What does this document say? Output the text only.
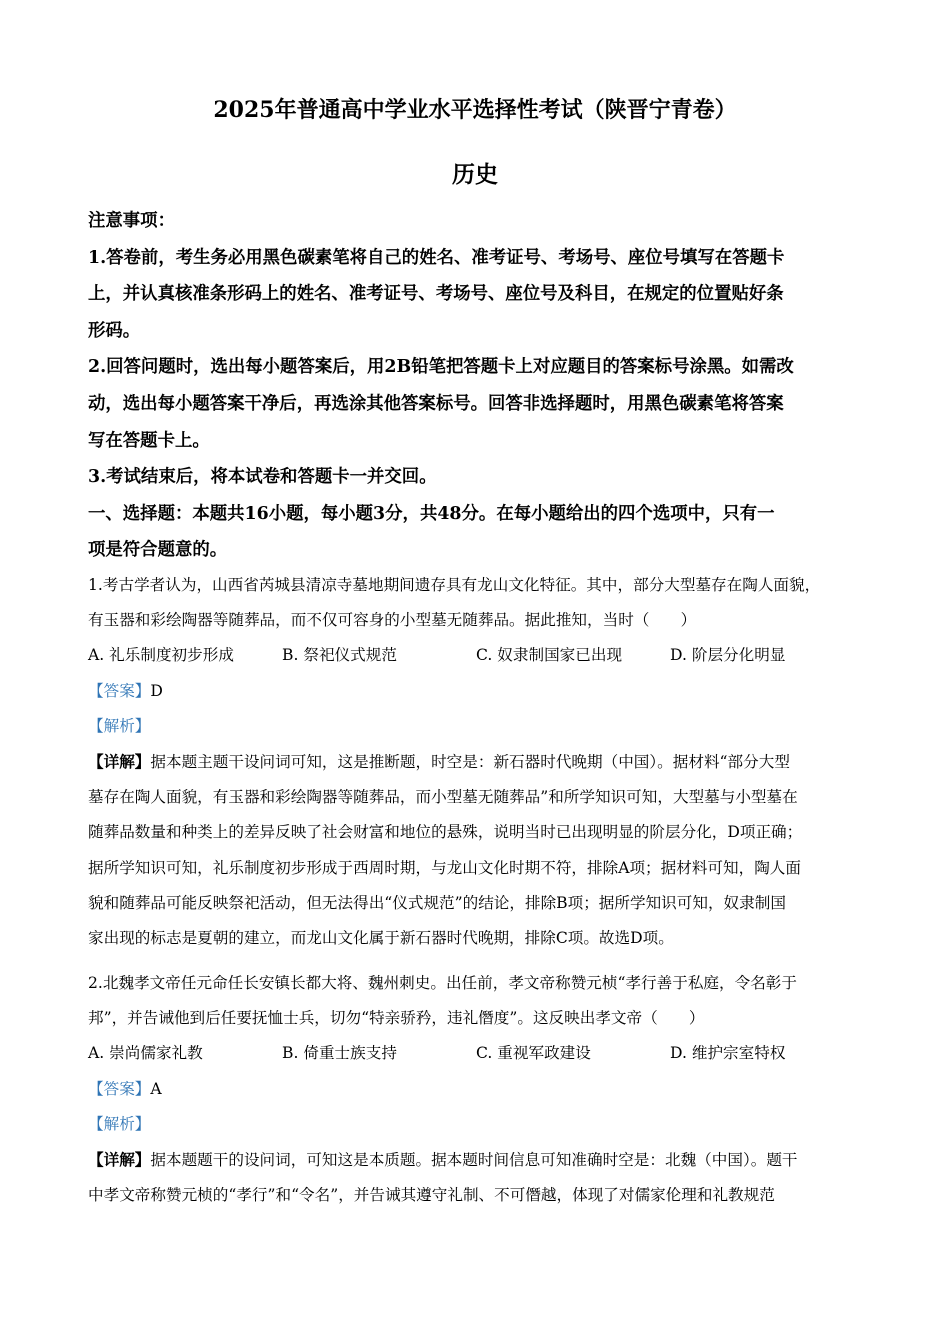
2025年普通高中学业水平选择性考试（陕晋宁青卷）
历史

注意事项：

1.答卷前，考生务必用黑色碳素笔将自己的姓名、准考证号、考场号、座位号填写在答题卡

上，并认真核准条形码上的姓名、准考证号、考场号、座位号及科目，在规定的位置贴好条

形码。

2.回答问题时，选出每小题答案后，用2B铅笔把答题卡上对应题目的答案标号涂黑。如需改

动，选出每小题答案干净后，再选涂其他答案标号。回答非选择题时，用黑色碳素笔将答案

写在答题卡上。

3.考试结束后，将本试卷和答题卡一并交回。

一、选择题：本题共16小题，每小题3分，共48分。在每小题给出的四个选项中，只有一

项是符合题意的。

1.考古学者认为，山西省芮城县清凉寺墓地期间遗存具有龙山文化特征。其中，部分大型墓存在陶人面貌，

有玉器和彩绘陶器等随葬品，而不仅可容身的小型墓无随葬品。据此推知，当时（　　）

A. 礼乐制度初步形成	B. 祭祀仪式规范	C. 奴隶制国家已出现	D. 阶层分化明显

【答案】D

【解析】

【详解】据本题主题干设问词可知，这是推断题，时空是：新石器时代晚期（中国）。据材料“部分大型

墓存在陶人面貌，有玉器和彩绘陶器等随葬品，而小型墓无随葬品”和所学知识可知，大型墓与小型墓在

随葬品数量和种类上的差异反映了社会财富和地位的悬殊，说明当时已出现明显的阶层分化，D项正确；

据所学知识可知，礼乐制度初步形成于西周时期，与龙山文化时期不符，排除A项；据材料可知，陶人面

貌和随葬品可能反映祭祀活动，但无法得出“仪式规范”的结论，排除B项；据所学知识可知，奴隶制国

家出现的标志是夏朝的建立，而龙山文化属于新石器时代晚期，排除C项。故选D项。

2.北魏孝文帝任元命任长安镇长都大将、魏州刺史。出任前，孝文帝称赞元桢“孝行善于私庭，令名彰于

邦”，并告诫他到后任要抚恤士兵，切勿“特亲骄矜，违礼僭度”。这反映出孝文帝（　　）

A. 崇尚儒家礼教	B. 倚重士族支持	C. 重视军政建设	D. 维护宗室特权

【答案】A

【解析】

【详解】据本题题干的设问词，可知这是本质题。据本题时间信息可知准确时空是：北魏（中国）。题干

中孝文帝称赞元桢的“孝行”和“令名”，并告诫其遵守礼制、不可僭越，体现了对儒家伦理和礼教规范
